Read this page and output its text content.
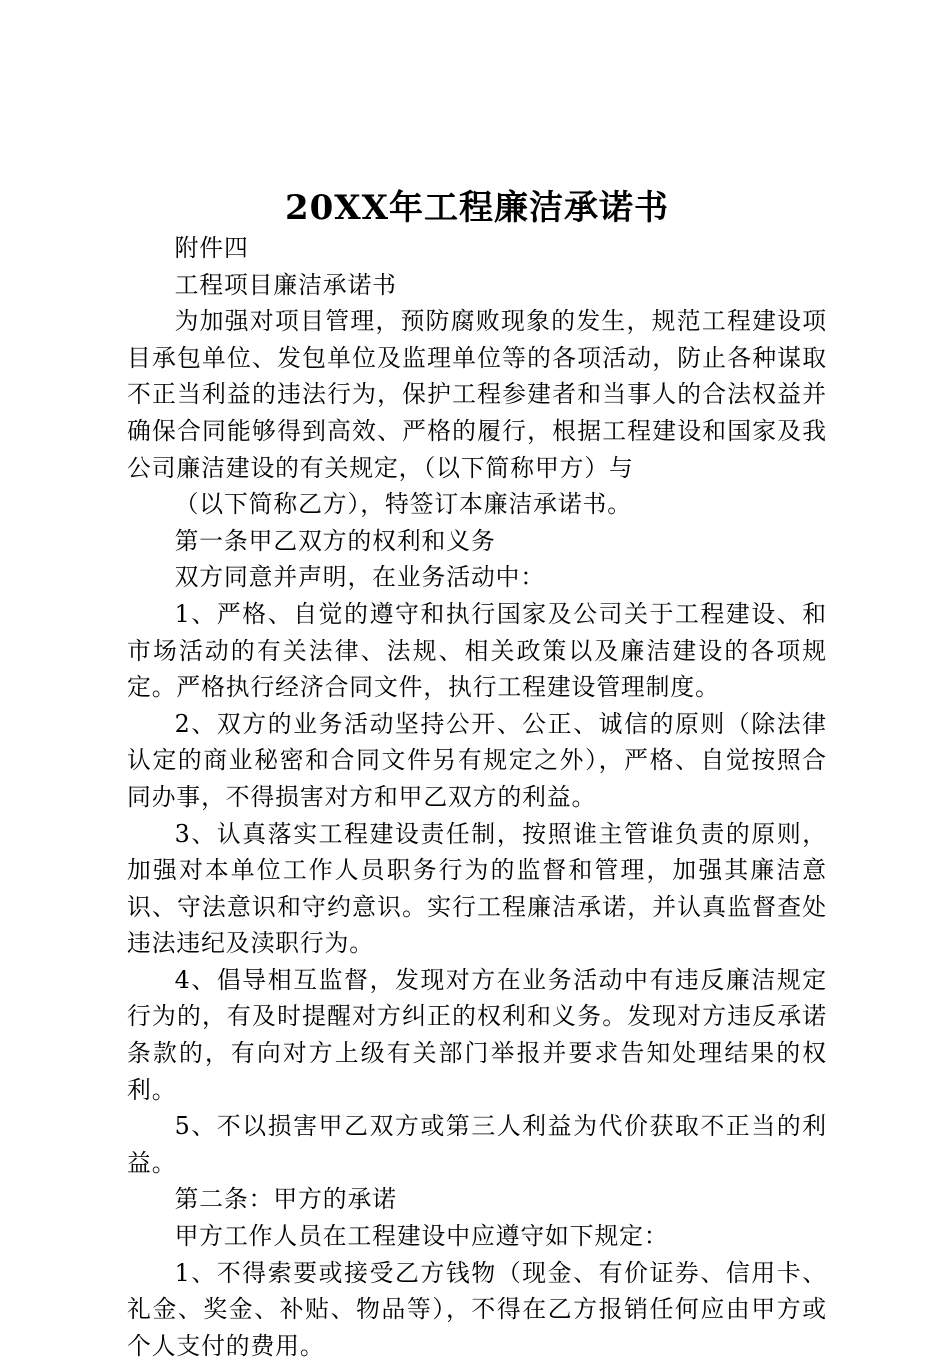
20XX年工程廉洁承诺书

附件四

工程项目廉洁承诺书

为加强对项目管理，预防腐败现象的发生，规范工程建设项目承包单位、发包单位及监理单位等的各项活动，防止各种谋取不正当利益的违法行为，保护工程参建者和当事人的合法权益并确保合同能够得到高效、严格的履行，根据工程建设和国家及我公司廉洁建设的有关规定，（以下简称甲方）与

（以下简称乙方），特签订本廉洁承诺书。

第一条甲乙双方的权利和义务

双方同意并声明，在业务活动中：

1、严格、自觉的遵守和执行国家及公司关于工程建设、和市场活动的有关法律、法规、相关政策以及廉洁建设的各项规定。严格执行经济合同文件，执行工程建设管理制度。

2、双方的业务活动坚持公开、公正、诚信的原则（除法律认定的商业秘密和合同文件另有规定之外），严格、自觉按照合同办事，不得损害对方和甲乙双方的利益。

3、认真落实工程建设责任制，按照谁主管谁负责的原则，加强对本单位工作人员职务行为的监督和管理，加强其廉洁意识、守法意识和守约意识。实行工程廉洁承诺，并认真监督查处违法违纪及渎职行为。

4、倡导相互监督，发现对方在业务活动中有违反廉洁规定行为的，有及时提醒对方纠正的权利和义务。发现对方违反承诺条款的，有向对方上级有关部门举报并要求告知处理结果的权利。

5、不以损害甲乙双方或第三人利益为代价获取不正当的利益。

第二条：甲方的承诺

甲方工作人员在工程建设中应遵守如下规定：

1、不得索要或接受乙方钱物（现金、有价证券、信用卡、礼金、奖金、补贴、物品等），不得在乙方报销任何应由甲方或个人支付的费用。
